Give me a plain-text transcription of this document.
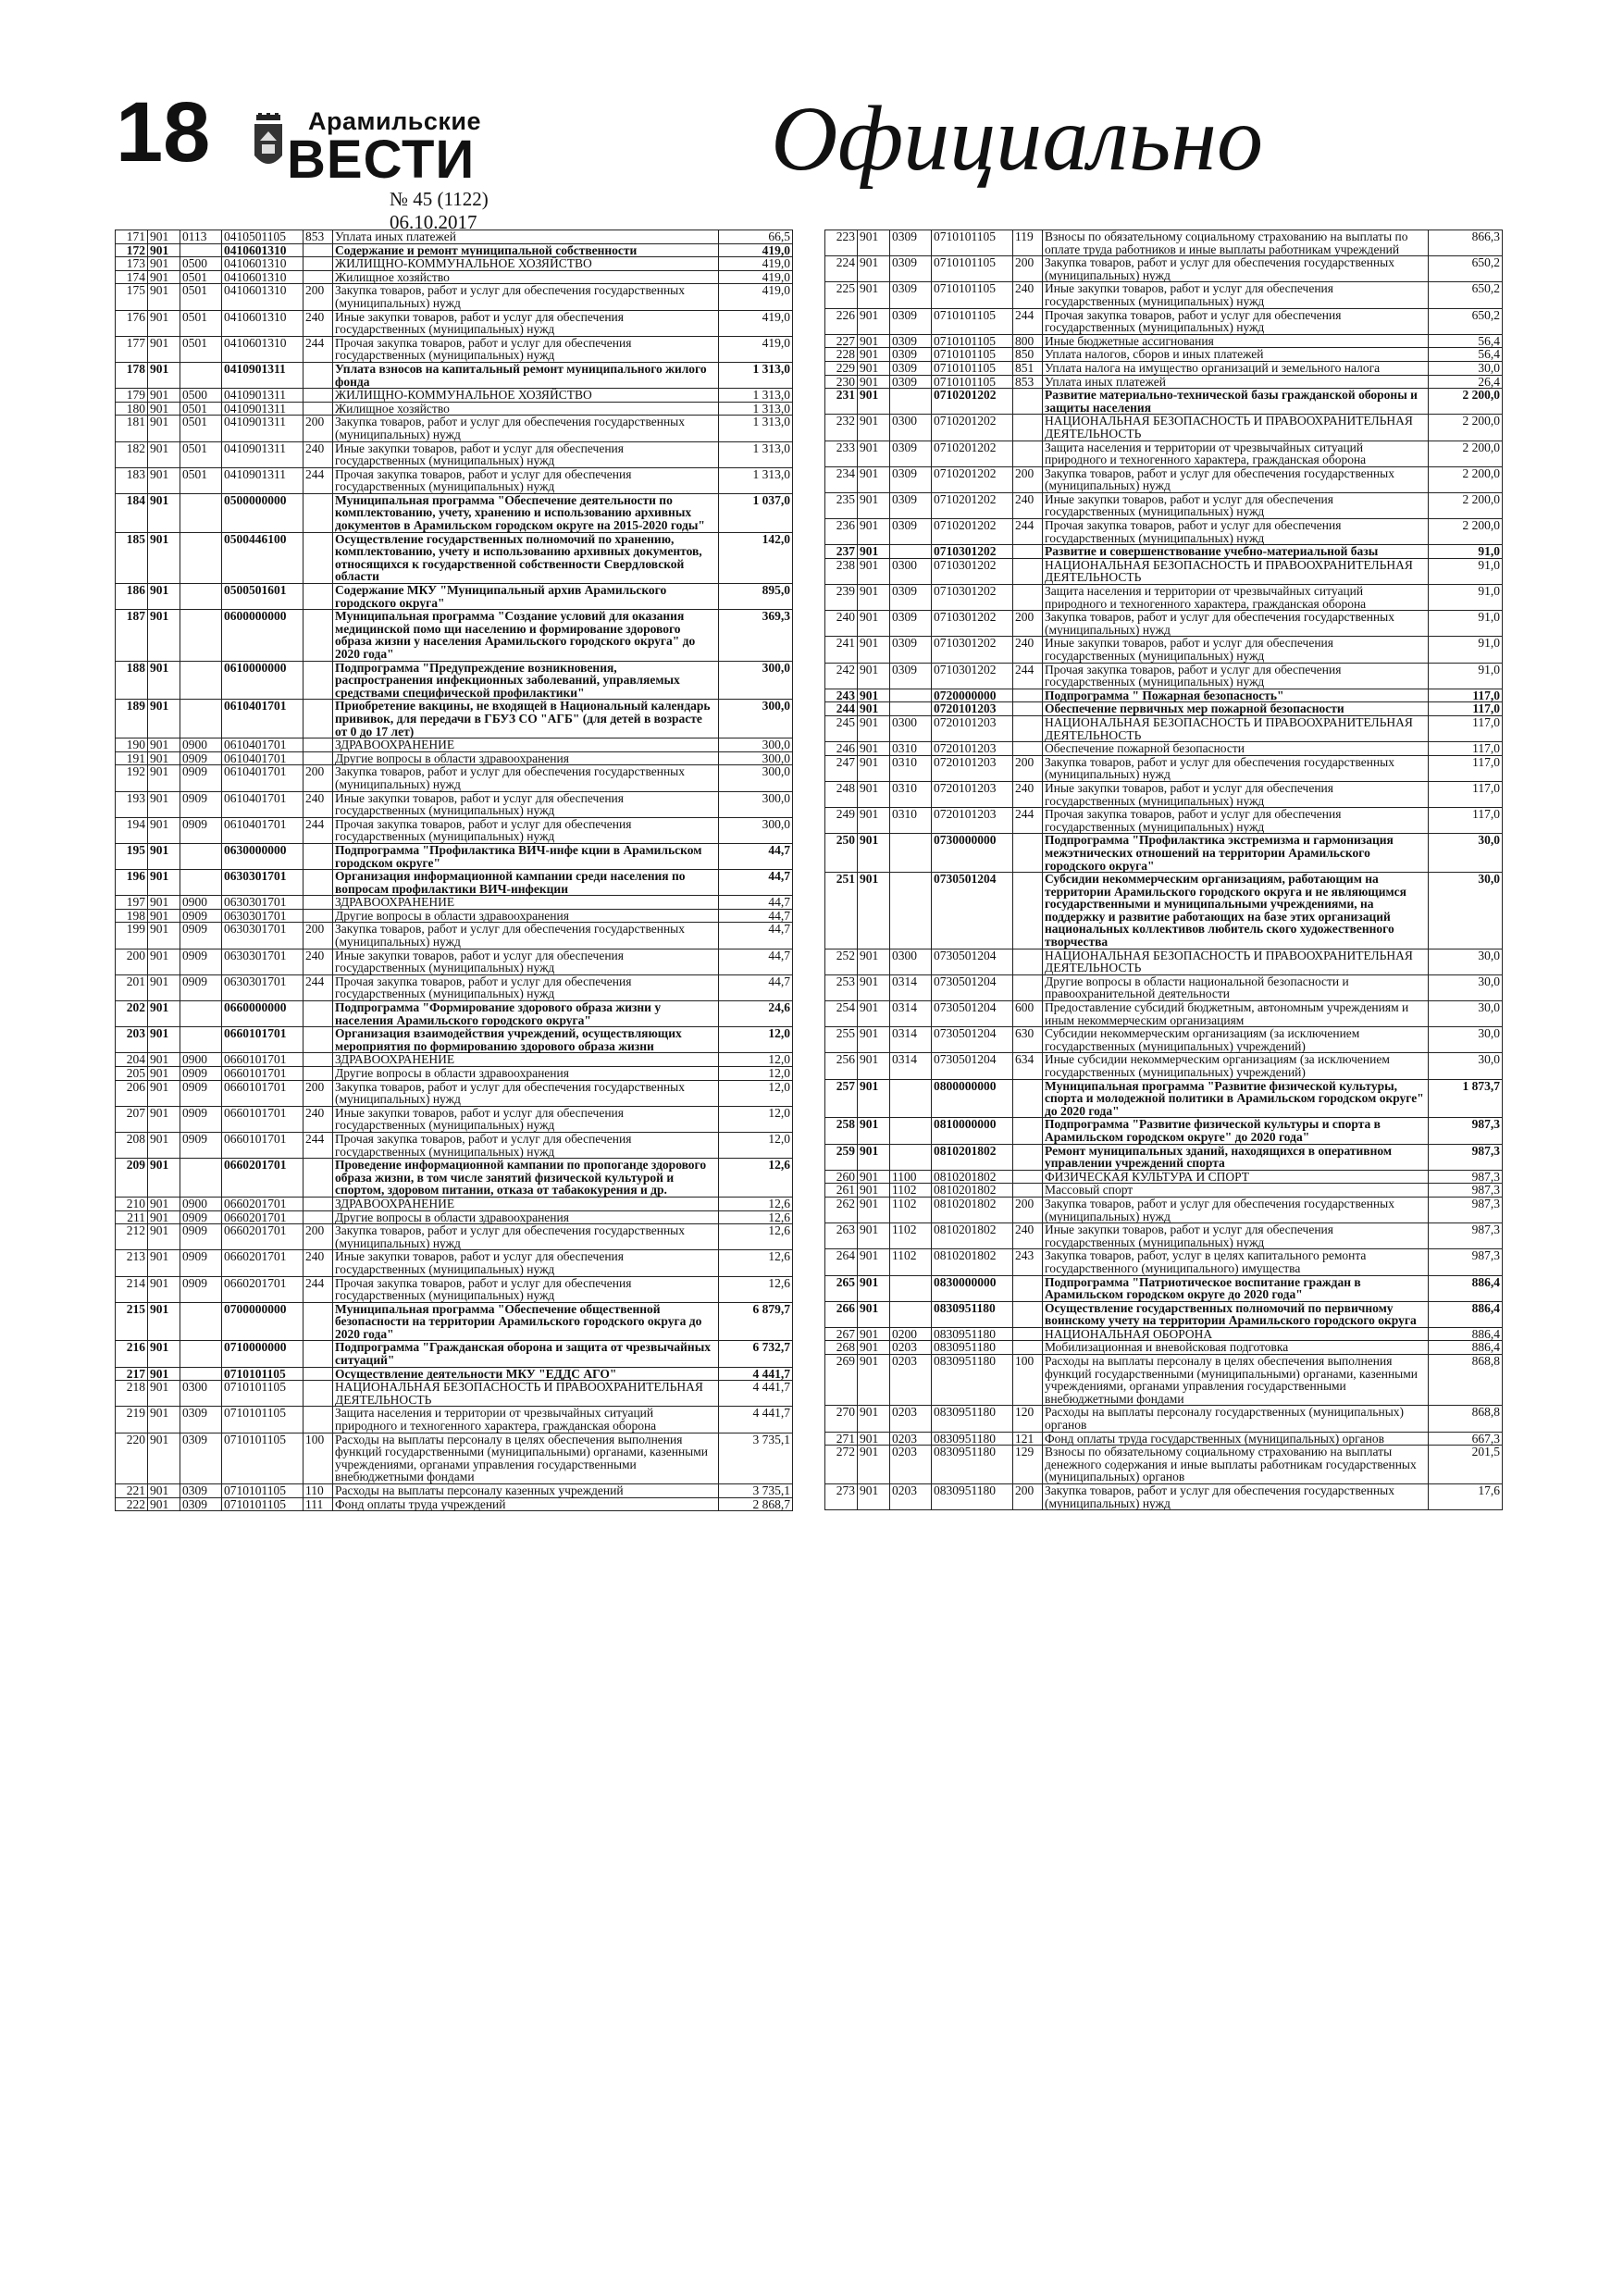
18	Арамильские
ВЕСТИ
№ 45 (1122) 06.10.2017
Официально
171	901	0113	0410501105	853	Уплата иных платежей	66,5
172	901		0410601310		Содержание и ремонт муниципальной собственности	419,0
173	901	0500	0410601310		ЖИЛИЩНО-КОММУНАЛЬНОЕ ХОЗЯЙСТВО	419,0
174	901	0501	0410601310		Жилищное хозяйство	419,0
175	901	0501	0410601310	200	Закупка товаров, работ и услуг для обеспечения государственных (муниципальных) нужд	419,0
176	901	0501	0410601310	240	Иные закупки товаров, работ и услуг для обеспечения государственных (муниципальных) нужд	419,0
177	901	0501	0410601310	244	Прочая закупка товаров, работ и услуг для обеспечения государственных (муниципальных) нужд	419,0
178	901		0410901311		Уплата взносов на капитальный ремонт муниципального жилого фонда	1 313,0
179	901	0500	0410901311		ЖИЛИЩНО-КОММУНАЛЬНОЕ ХОЗЯЙСТВО	1 313,0
180	901	0501	0410901311		Жилищное хозяйство	1 313,0
181	901	0501	0410901311	200	Закупка товаров, работ и услуг для обеспечения государственных (муниципальных) нужд	1 313,0
182	901	0501	0410901311	240	Иные закупки товаров, работ и услуг для обеспечения государственных (муниципальных) нужд	1 313,0
183	901	0501	0410901311	244	Прочая закупка товаров, работ и услуг для обеспечения государственных (муниципальных) нужд	1 313,0
184	901		0500000000		Муниципальная программа "Обеспечение деятельности по комплектованию, учету, хранению и использованию архивных документов в Арамильском городском округе на 2015-2020 годы"	1 037,0
185	901		0500446100		Осуществление государственных полномочий по хранению, комплектованию, учету и использованию архивных документов, относящихся к государственной собственности Свердловской области	142,0
186	901		0500501601		Содержание МКУ "Муниципальный архив Арамильского городского округа"	895,0
187	901		0600000000		Муниципальная программа "Создание условий для оказания медицинской помо щи населению и формирование здорового образа жизни у населения Арамильского городского округа" до 2020 года"	369,3
188	901		0610000000		Подпрограмма "Предупреждение возникновения, распространения инфекционных заболеваний, управляемых средствами специфической профилактики"	300,0
189	901		0610401701		Приобретение вакцины, не входящей в Национальный календарь прививок, для передачи в ГБУЗ СО "АГБ" (для детей в возрасте от 0 до 17 лет)	300,0
190	901	0900	0610401701		ЗДРАВООХРАНЕНИЕ	300,0
191	901	0909	0610401701		Другие вопросы в области здравоохранения	300,0
192	901	0909	0610401701	200	Закупка товаров, работ и услуг для обеспечения государственных (муниципальных) нужд	300,0
193	901	0909	0610401701	240	Иные закупки товаров, работ и услуг для обеспечения государственных (муниципальных) нужд	300,0
194	901	0909	0610401701	244	Прочая закупка товаров, работ и услуг для обеспечения государственных (муниципальных) нужд	300,0
195	901		0630000000		Подпрограмма "Профилактика ВИЧ-инфе кции в Арамильском городском округе"	44,7
196	901		0630301701		Организация информационной кампании среди населения по вопросам профилактики ВИЧ-инфекции	44,7
197	901	0900	0630301701		ЗДРАВООХРАНЕНИЕ	44,7
198	901	0909	0630301701		Другие вопросы в области здравоохранения	44,7
199	901	0909	0630301701	200	Закупка товаров, работ и услуг для обеспечения государственных (муниципальных) нужд	44,7
200	901	0909	0630301701	240	Иные закупки товаров, работ и услуг для обеспечения государственных (муниципальных) нужд	44,7
201	901	0909	0630301701	244	Прочая закупка товаров, работ и услуг для обеспечения государственных (муниципальных) нужд	44,7
202	901		0660000000		Подпрограмма "Формирование здорового образа жизни у населения Арамильского городского округа"	24,6
203	901		0660101701		Организация взаимодействия учреждений, осуществляющих мероприятия по формированию здорового образа жизни	12,0
204	901	0900	0660101701		ЗДРАВООХРАНЕНИЕ	12,0
205	901	0909	0660101701		Другие вопросы в области здравоохранения	12,0
206	901	0909	0660101701	200	Закупка товаров, работ и услуг для обеспечения государственных (муниципальных) нужд	12,0
207	901	0909	0660101701	240	Иные закупки товаров, работ и услуг для обеспечения государственных (муниципальных) нужд	12,0
208	901	0909	0660101701	244	Прочая закупка товаров, работ и услуг для обеспечения государственных (муниципальных) нужд	12,0
209	901		0660201701		Проведение информационной кампании по пропоганде здорового образа жизни, в том числе занятий физической культурой и спортом, здоровом питании, отказа от табакокурения и др.	12,6
210	901	0900	0660201701		ЗДРАВООХРАНЕНИЕ	12,6
211	901	0909	0660201701		Другие вопросы в области здравоохранения	12,6
212	901	0909	0660201701	200	Закупка товаров, работ и услуг для обеспечения государственных (муниципальных) нужд	12,6
213	901	0909	0660201701	240	Иные закупки товаров, работ и услуг для обеспечения государственных (муниципальных) нужд	12,6
214	901	0909	0660201701	244	Прочая закупка товаров, работ и услуг для обеспечения государственных (муниципальных) нужд	12,6
215	901		0700000000		Муниципальная программа "Обеспечение общественной безопасности на территории Арамильского городского округа до 2020 года"	6 879,7
216	901		0710000000		Подпрограмма "Гражданская оборона и защита от чрезвычайных ситуаций"	6 732,7
217	901		0710101105		Осуществление деятельности МКУ "ЕДДС АГО"	4 441,7
218	901	0300	0710101105		НАЦИОНАЛЬНАЯ БЕЗОПАСНОСТЬ И ПРАВООХРАНИТЕЛЬНАЯ ДЕЯТЕЛЬНОСТЬ	4 441,7
219	901	0309	0710101105		Защита населения и территории от чрезвычайных ситуаций природного и техногенного характера, гражданская оборона	4 441,7
220	901	0309	0710101105	100	Расходы на выплаты персоналу в целях обеспечения выполнения функций государственными (муниципальными) органами, казенными учреждениями, органами управления государственными внебюджетными фондами	3 735,1
221	901	0309	0710101105	110	Расходы на выплаты персоналу казенных учреждений	3 735,1
222	901	0309	0710101105	111	Фонд оплаты труда учреждений	2 868,7
223	901	0309	0710101105	119	Взносы по обязательному социальному страхованию на выплаты по оплате труда работников и иные выплаты работникам учреждений	866,3
224	901	0309	0710101105	200	Закупка товаров, работ и услуг для обеспечения государственных (муниципальных) нужд	650,2
225	901	0309	0710101105	240	Иные закупки товаров, работ и услуг для обеспечения государственных (муниципальных) нужд	650,2
226	901	0309	0710101105	244	Прочая закупка товаров, работ и услуг для обеспечения государственных (муниципальных) нужд	650,2
227	901	0309	0710101105	800	Иные бюджетные ассигнования	56,4
228	901	0309	0710101105	850	Уплата налогов, сборов и иных платежей	56,4
229	901	0309	0710101105	851	Уплата налога на имущество организаций и земельного налога	30,0
230	901	0309	0710101105	853	Уплата иных платежей	26,4
231	901		0710201202		Развитие материально-технической базы гражданской обороны и защиты населения	2 200,0
232	901	0300	0710201202		НАЦИОНАЛЬНАЯ БЕЗОПАСНОСТЬ И ПРАВООХРАНИТЕЛЬНАЯ ДЕЯТЕЛЬНОСТЬ	2 200,0
233	901	0309	0710201202		Защита населения и территории от чрезвычайных ситуаций природного и техногенного характера, гражданская оборона	2 200,0
234	901	0309	0710201202	200	Закупка товаров, работ и услуг для обеспечения государственных (муниципальных) нужд	2 200,0
235	901	0309	0710201202	240	Иные закупки товаров, работ и услуг для обеспечения государственных (муниципальных) нужд	2 200,0
236	901	0309	0710201202	244	Прочая закупка товаров, работ и услуг для обеспечения государственных (муниципальных) нужд	2 200,0
237	901		0710301202		Развитие и совершенствование учебно-материальной базы	91,0
238	901	0300	0710301202		НАЦИОНАЛЬНАЯ БЕЗОПАСНОСТЬ И ПРАВООХРАНИТЕЛЬНАЯ ДЕЯТЕЛЬНОСТЬ	91,0
239	901	0309	0710301202		Защита населения и территории от чрезвычайных ситуаций природного и техногенного характера, гражданская оборона	91,0
240	901	0309	0710301202	200	Закупка товаров, работ и услуг для обеспечения государственных (муниципальных) нужд	91,0
241	901	0309	0710301202	240	Иные закупки товаров, работ и услуг для обеспечения государственных (муниципальных) нужд	91,0
242	901	0309	0710301202	244	Прочая закупка товаров, работ и услуг для обеспечения государственных (муниципальных) нужд	91,0
243	901		0720000000		Подпрограмма " Пожарная безопасность"	117,0
244	901		0720101203		Обеспечение первичных мер пожарной безопасности	117,0
245	901	0300	0720101203		НАЦИОНАЛЬНАЯ БЕЗОПАСНОСТЬ И ПРАВООХРАНИТЕЛЬНАЯ ДЕЯТЕЛЬНОСТЬ	117,0
246	901	0310	0720101203		Обеспечение пожарной безопасности	117,0
247	901	0310	0720101203	200	Закупка товаров, работ и услуг для обеспечения государственных (муниципальных) нужд	117,0
248	901	0310	0720101203	240	Иные закупки товаров, работ и услуг для обеспечения государственных (муниципальных) нужд	117,0
249	901	0310	0720101203	244	Прочая закупка товаров, работ и услуг для обеспечения государственных (муниципальных) нужд	117,0
250	901		0730000000		Подпрограмма "Профилактика экстремизма и гармонизация межэтнических отношений на территории Арамильского городского округа"	30,0
251	901		0730501204		Субсидии некоммерческим организациям, работающим на территории Арамильского городского округа и не являющимся государственными и муниципальными учреждениями, на поддержку и развитие работающих на базе этих организаций национальных коллективов любитель ского художественного творчества	30,0
252	901	0300	0730501204		НАЦИОНАЛЬНАЯ БЕЗОПАСНОСТЬ И ПРАВООХРАНИТЕЛЬНАЯ ДЕЯТЕЛЬНОСТЬ	30,0
253	901	0314	0730501204		Другие вопросы в области национальной безопасности и правоохранительной деятельности	30,0
254	901	0314	0730501204	600	Предоставление субсидий бюджетным, автономным учреждениям и иным некоммерческим организациям	30,0
255	901	0314	0730501204	630	Субсидии некоммерческим организациям (за исключением государственных (муниципальных) учреждений)	30,0
256	901	0314	0730501204	634	Иные субсидии некоммерческим организациям (за исключением государственных (муниципальных) учреждений)	30,0
257	901		0800000000		Муниципальная программа "Развитие физической культуры, спорта и молодежной политики в Арамильском городском округе" до 2020 года"	1 873,7
258	901		0810000000		Подпрограмма "Развитие физической культуры и спорта в Арамильском городском округе" до 2020 года"	987,3
259	901		0810201802		Ремонт муниципальных зданий, находящихся в оперативном управлении учреждений спорта	987,3
260	901	1100	0810201802		ФИЗИЧЕСКАЯ КУЛЬТУРА И СПОРТ	987,3
261	901	1102	0810201802		Массовый спорт	987,3
262	901	1102	0810201802	200	Закупка товаров, работ и услуг для обеспечения государственных (муниципальных) нужд	987,3
263	901	1102	0810201802	240	Иные закупки товаров, работ и услуг для обеспечения государственных (муниципальных) нужд	987,3
264	901	1102	0810201802	243	Закупка товаров, работ, услуг в целях капитального ремонта государственного (муниципального) имущества	987,3
265	901		0830000000		Подпрограмма "Патриотическое воспитание граждан в Арамильском городском округе до 2020 года"	886,4
266	901		0830951180		Осуществление государственных полномочий по первичному воинскому учету на территории Арамильского городского округа	886,4
267	901	0200	0830951180		НАЦИОНАЛЬНАЯ ОБОРОНА	886,4
268	901	0203	0830951180		Мобилизационная и вневойсковая подготовка	886,4
269	901	0203	0830951180	100	Расходы на выплаты персоналу в целях обеспечения выполнения функций государственными (муниципальными) органами, казенными учреждениями, органами управления государственными внебюджетными фондами	868,8
270	901	0203	0830951180	120	Расходы на выплаты персоналу государственных (муниципальных) органов	868,8
271	901	0203	0830951180	121	Фонд оплаты труда государственных (муниципальных) органов	667,3
272	901	0203	0830951180	129	Взносы по обязательному социальному страхованию на выплаты денежного содержания и иные выплаты работникам государственных (муниципальных) органов	201,5
273	901	0203	0830951180	200	Закупка товаров, работ и услуг для обеспечения государственных (муниципальных) нужд	17,6
